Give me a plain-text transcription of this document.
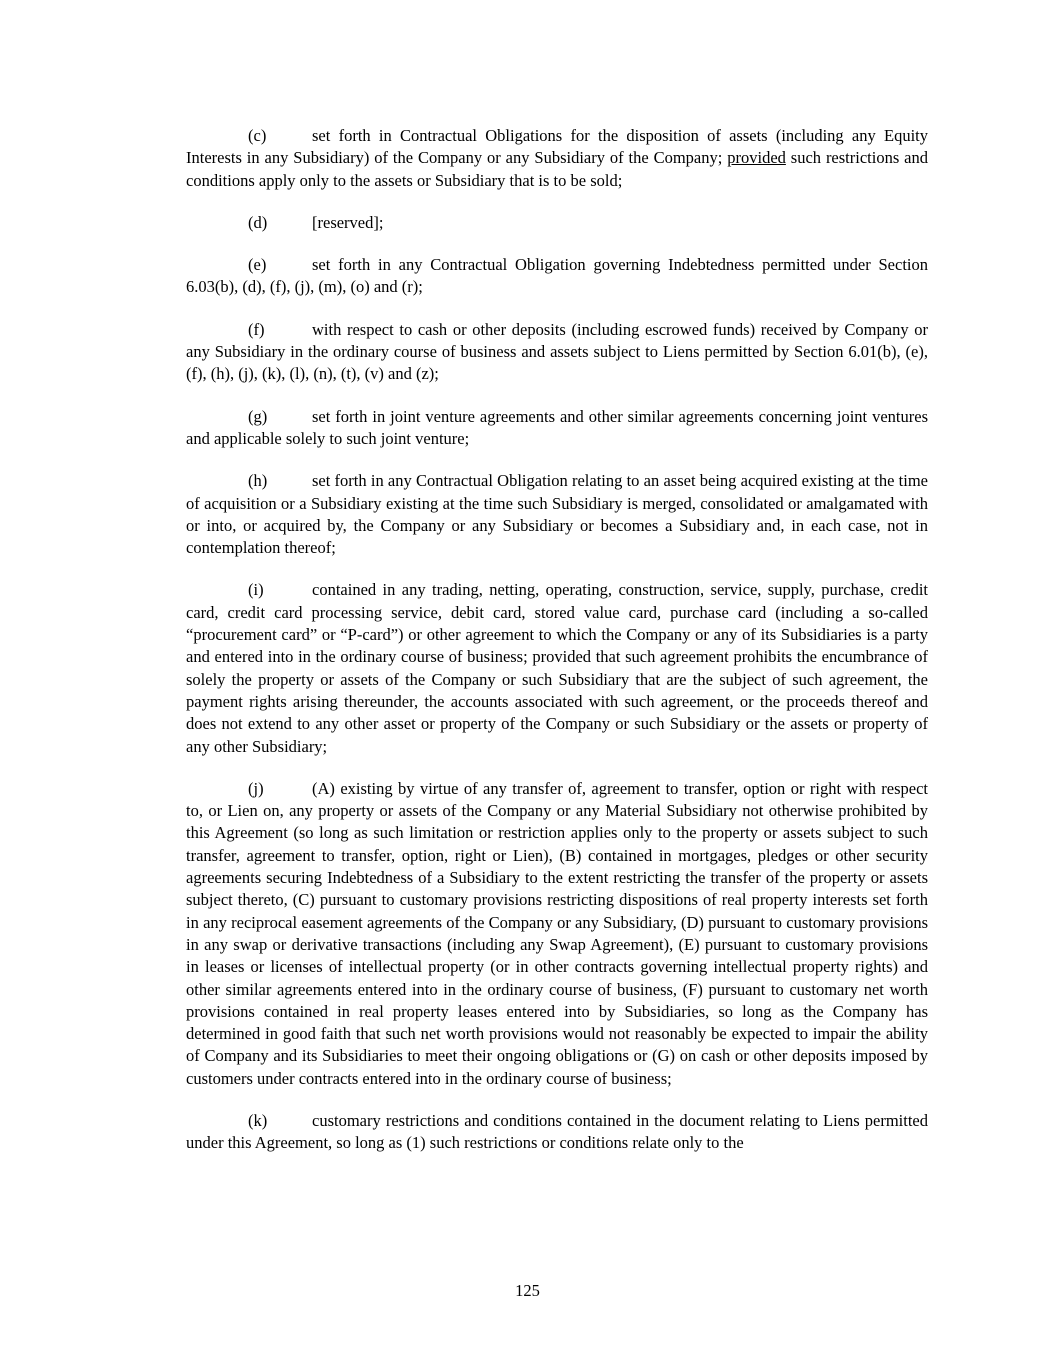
(c)	set forth in Contractual Obligations for the disposition of assets (including any Equity Interests in any Subsidiary) of the Company or any Subsidiary of the Company; provided such restrictions and conditions apply only to the assets or Subsidiary that is to be sold;

(d)	[reserved];

(e)	set forth in any Contractual Obligation governing Indebtedness permitted under Section 6.03(b), (d), (f), (j), (m), (o) and (r);

(f)	with respect to cash or other deposits (including escrowed funds) received by Company or any Subsidiary in the ordinary course of business and assets subject to Liens permitted by Section 6.01(b), (e), (f), (h), (j), (k), (l), (n), (t), (v) and (z);

(g)	set forth in joint venture agreements and other similar agreements concerning joint ventures and applicable solely to such joint venture;

(h)	set forth in any Contractual Obligation relating to an asset being acquired existing at the time of acquisition or a Subsidiary existing at the time such Subsidiary is merged, consolidated or amalgamated with or into, or acquired by, the Company or any Subsidiary or becomes a Subsidiary and, in each case, not in contemplation thereof;

(i)	contained in any trading, netting, operating, construction, service, supply, purchase, credit card, credit card processing service, debit card, stored value card, purchase card (including a so-called “procurement card” or “P-card”) or other agreement to which the Company or any of its Subsidiaries is a party and entered into in the ordinary course of business; provided that such agreement prohibits the encumbrance of solely the property or assets of the Company or such Subsidiary that are the subject of such agreement, the payment rights arising thereunder, the accounts associated with such agreement, or the proceeds thereof and does not extend to any other asset or property of the Company or such Subsidiary or the assets or property of any other Subsidiary;

(j)	(A) existing by virtue of any transfer of, agreement to transfer, option or right with respect to, or Lien on, any property or assets of the Company or any Material Subsidiary not otherwise prohibited by this Agreement (so long as such limitation or restriction applies only to the property or assets subject to such transfer, agreement to transfer, option, right or Lien), (B) contained in mortgages, pledges or other security agreements securing Indebtedness of a Subsidiary to the extent restricting the transfer of the property or assets subject thereto, (C) pursuant to customary provisions restricting dispositions of real property interests set forth in any reciprocal easement agreements of the Company or any Subsidiary, (D) pursuant to customary provisions in any swap or derivative transactions (including any Swap Agreement), (E) pursuant to customary provisions in leases or licenses of intellectual property (or in other contracts governing intellectual property rights) and other similar agreements entered into in the ordinary course of business, (F) pursuant to customary net worth provisions contained in real property leases entered into by Subsidiaries, so long as the Company has determined in good faith that such net worth provisions would not reasonably be expected to impair the ability of Company and its Subsidiaries to meet their ongoing obligations or (G) on cash or other deposits imposed by customers under contracts entered into in the ordinary course of business;

(k)	customary restrictions and conditions contained in the document relating to Liens permitted under this Agreement, so long as (1) such restrictions or conditions relate only to the

125
